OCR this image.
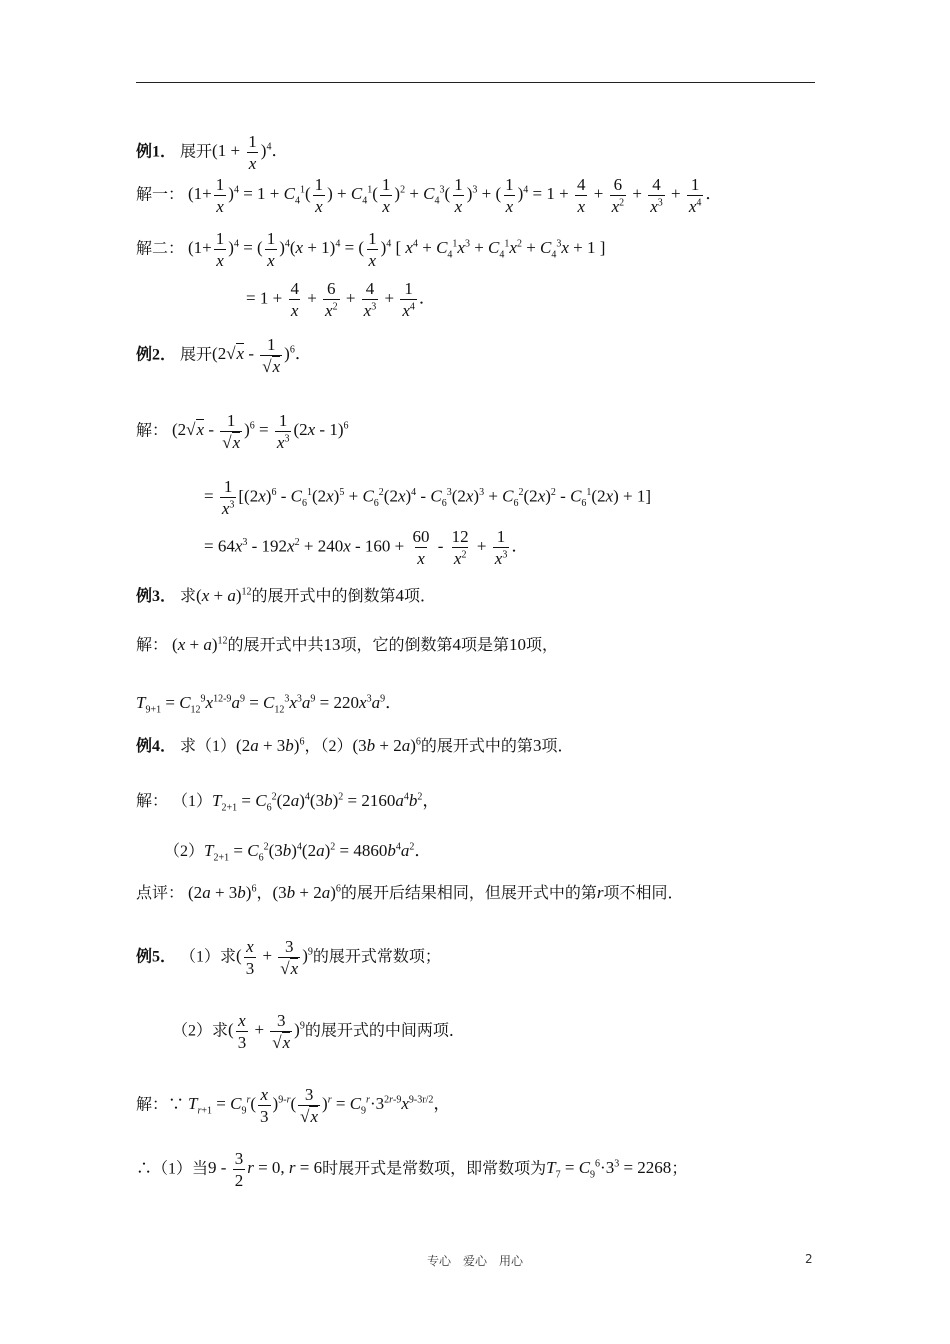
例1． 展开$(1 + \frac{1}{x} )^4$．
解一： $(1+ \frac{1}{x} )^4 = 1 + C_4^1( \frac{1}{x}$ ) + $C_4^1( \frac{1}{x} )^2 + C_4^3( \frac{1}{x} )^3$ + ( $\frac{1}{x} )^4 = 1 + \frac{4}{x} + \frac{6}{x^2} + \frac{4}{x^3} + \frac{1}{x^4}$ ．
解二： $(1+ \frac{1}{x} )^4$ = ( $\frac{1}{x} )^4(x + 1)^4$ = ( $\frac{1}{x} )^4$ [ $x^4 + C_4^1x^3 + C_4^1x^2 + C_4^3x + 1$ ]
= $1 + \frac{4}{x} + \frac{6}{x^2} + \frac{4}{x^3} + \frac{1}{x^4}$ ．
例2． 展开$(2√x - \frac{1}{√x} )^6$．
解： $(2√x - \frac{1}{√x} )^6 = \frac{1}{x^3} (2x - 1)^6$
= $\frac{1}{x^3} [(2x)^6 - C_6^1(2x)^5 + C_6^2(2x)^4 - C_6^3(2x)^3 + C_6^2(2x)^2 - C_6^1(2x) + 1]$
= $64x^3 - 192x^2 + 240x - 160 + \frac{60}{x} - \frac{12}{x^2} + \frac{1}{x^3}$ ．
例3． 求$(x + a)^{12}$的展开式中的倒数第4项．
解： $(x + a)^{12}$的展开式中共13项，它的倒数第4项是第10项，
$T_{9+1} = C_{12}^9x^{12-9}a^9 = C_{12}^3x^3a^9 = 220x^3a^9$．
例4． 求$(1)(2a + 3b)^6$，$(2)(3b + 2a)^6$的展开式中的第3项．
解： $(1)T_{2+1} = C_6^2(2a)^4(3b)^2 = 2160a^4b^2$，
$(2)T_{2+1} = C_6^2(3b)^4(2a)^2 = 4860b^4a^2$．
点评： $(2a + 3b)^6$，$(3b + 2a)^6$的展开后结果相同，但展开式中的第r项不相同．
例5． （1）求( $\frac{x}{3} + \frac{3}{√x} )^9$的展开式常数项；
（2）求( $\frac{x}{3} + \frac{3}{√x} )^9$的展开式的中间两项．
解：∵ $T_{r+1} = C_9^r( \frac{x}{3} )^{9-r}( \frac{3}{√x} )^r = C_9^r\cdot 3^{2r-9}x^{9-3r/2}$，
∴（1）当$9 - \frac{3}{2}$ r = 0, r = 6时展开式是常数项，即常数项为$T_7 = C_9^6\cdot 3^3 = 2268$；
专心　爱心　用心	2
